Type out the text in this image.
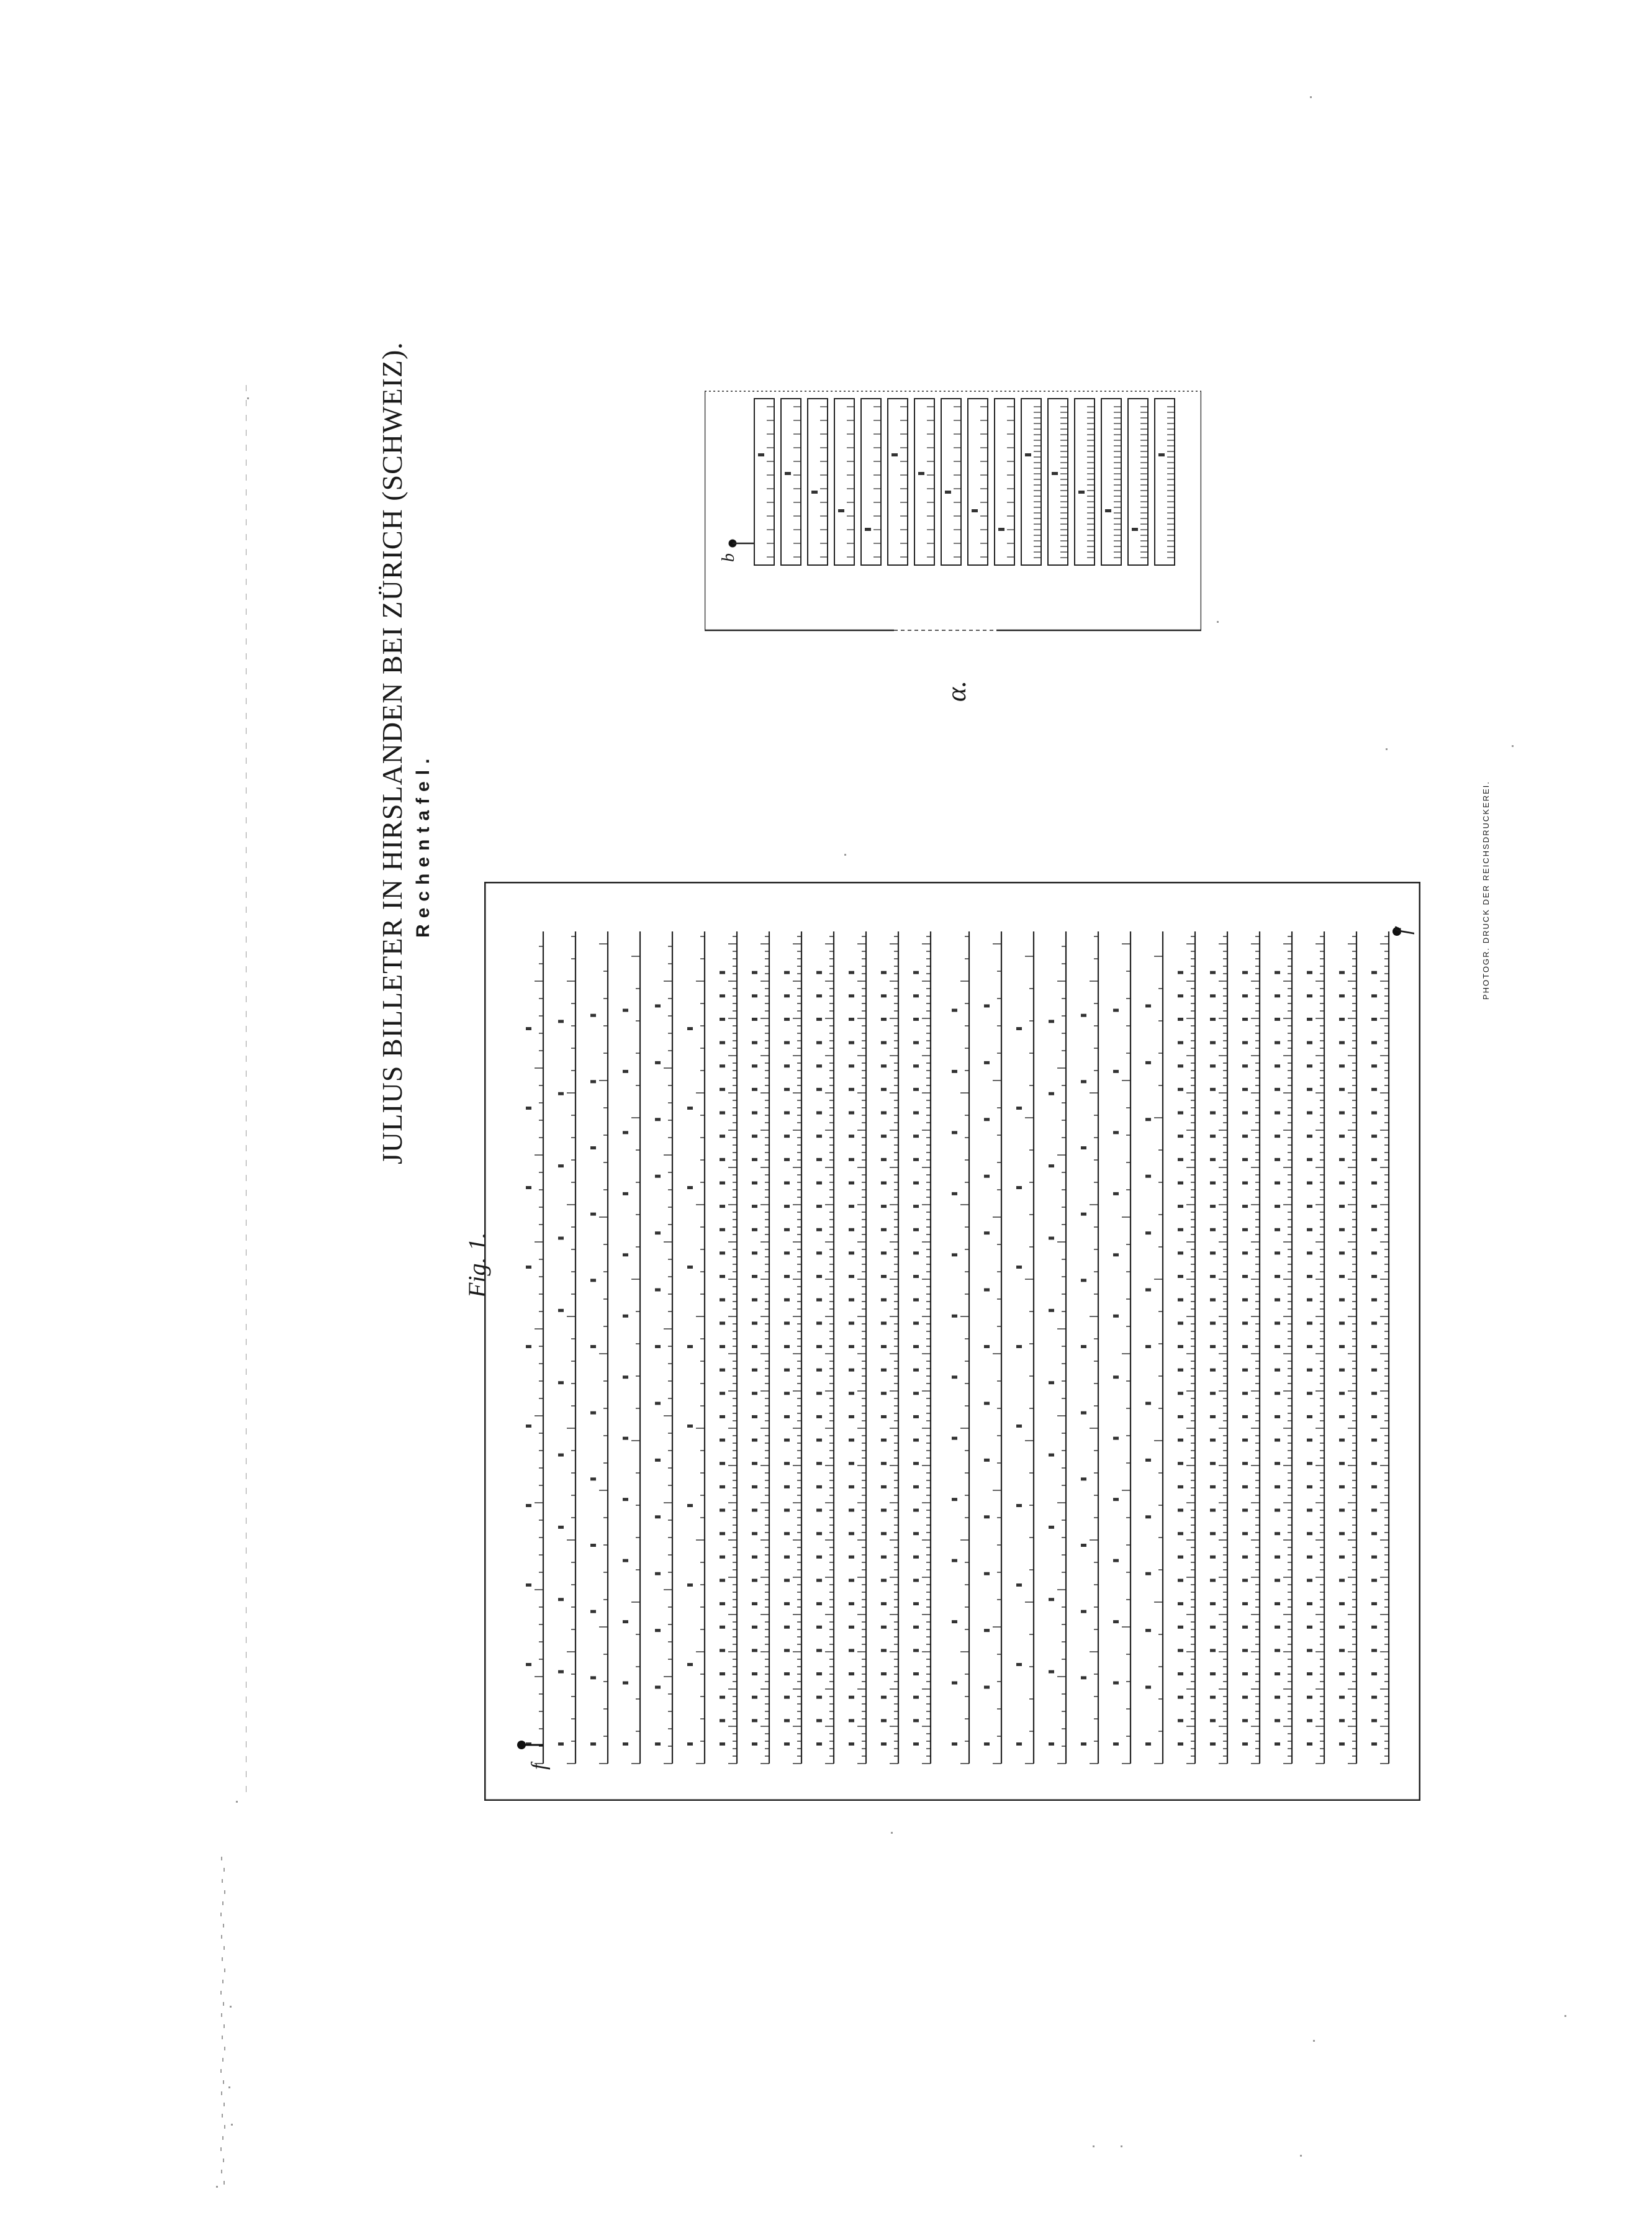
JULIUS BILLETER IN HIRSLANDEN BEI ZÜRICH (SCHWEIZ). Rechentafel.
Fig. 1.
PHOTOGR. DRUCK DER REICHSDRUCKEREI.
f
f
α.
b
